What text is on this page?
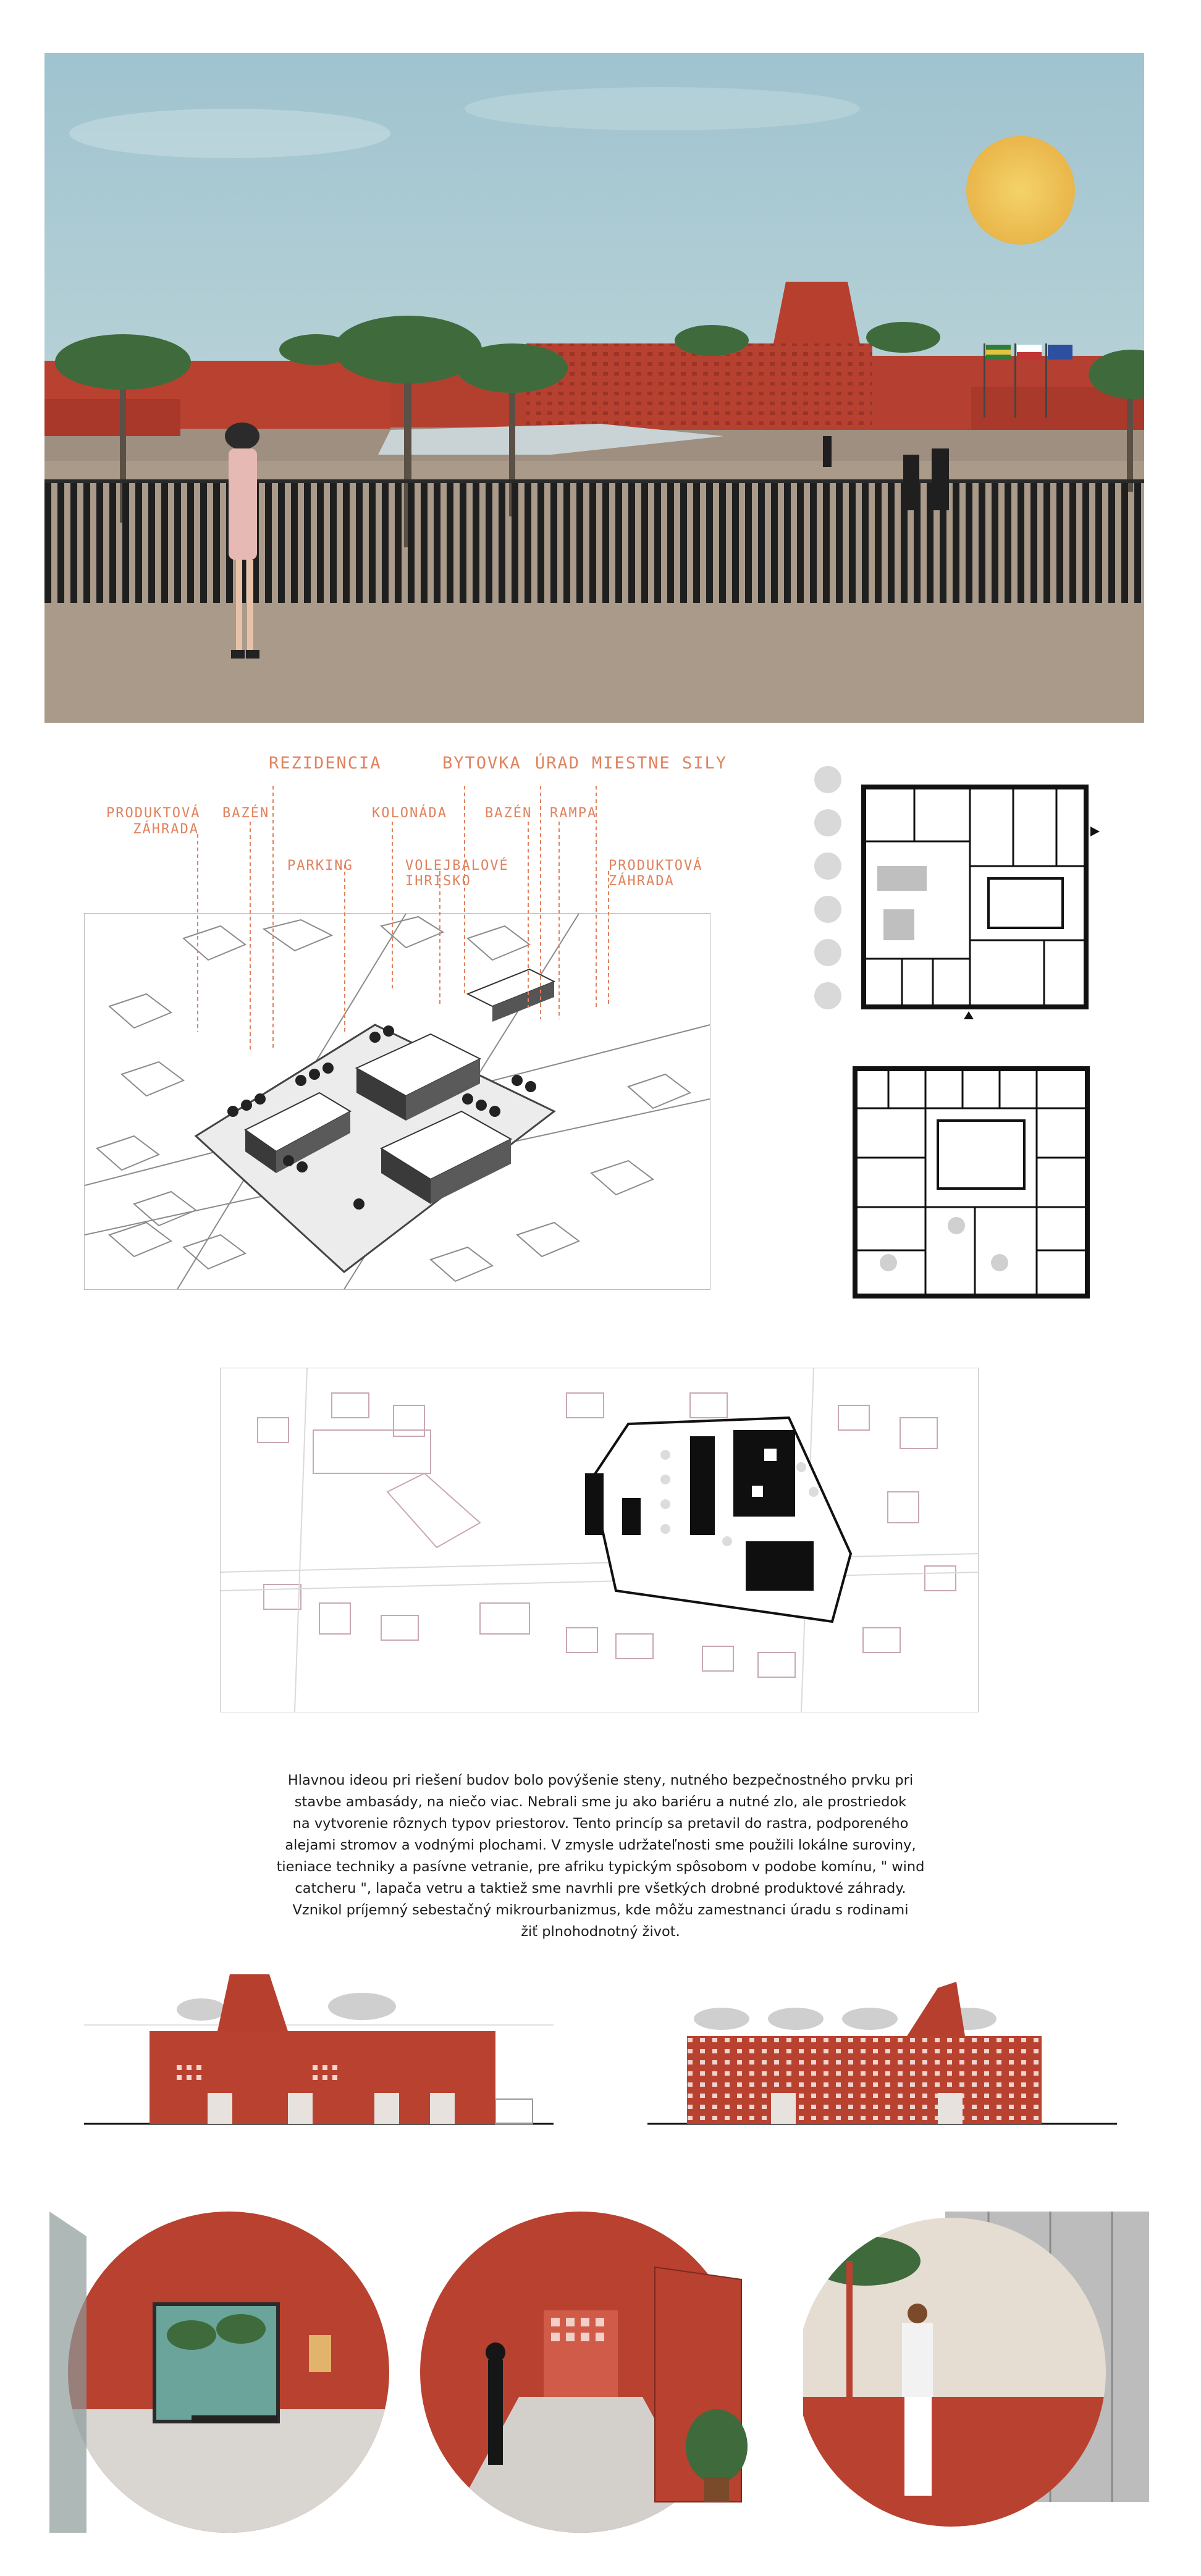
REZIDENCIA	BYTOVKA ÚRAD MIESTNE SILY
PRODUKTOVÁ
ZÁHRADA
BAZÉN	KOLONÁDA	BAZÉN RAMPA
PARKING	VOLEJBALOVÉ
IHRISKO
PRODUKTOVÁ
ZÁHRADA

Hlavnou ideou pri riešení budov bolo povýšenie steny, nutného bezpečnostného prvku pri

stavbe ambasády, na niečo viac. Nebrali sme ju ako bariéru a nutné zlo, ale prostriedok

na vytvorenie rôznych typov priestorov. Tento princíp sa pretavil do rastra, podporeného

alejami stromov a vodnými plochami. V zmysle udržateľnosti sme použili lokálne suroviny,

tieniace techniky a pasívne vetranie, pre afriku typickým spôsobom v podobe komínu, " wind

catcheru ", lapača vetru a taktiež sme navrhli pre všetkých drobné produktové záhrady.

Vznikol príjemný sebestačný mikrourbanizmus, kde môžu zamestnanci úradu s rodinami

žiť plnohodnotný život.
